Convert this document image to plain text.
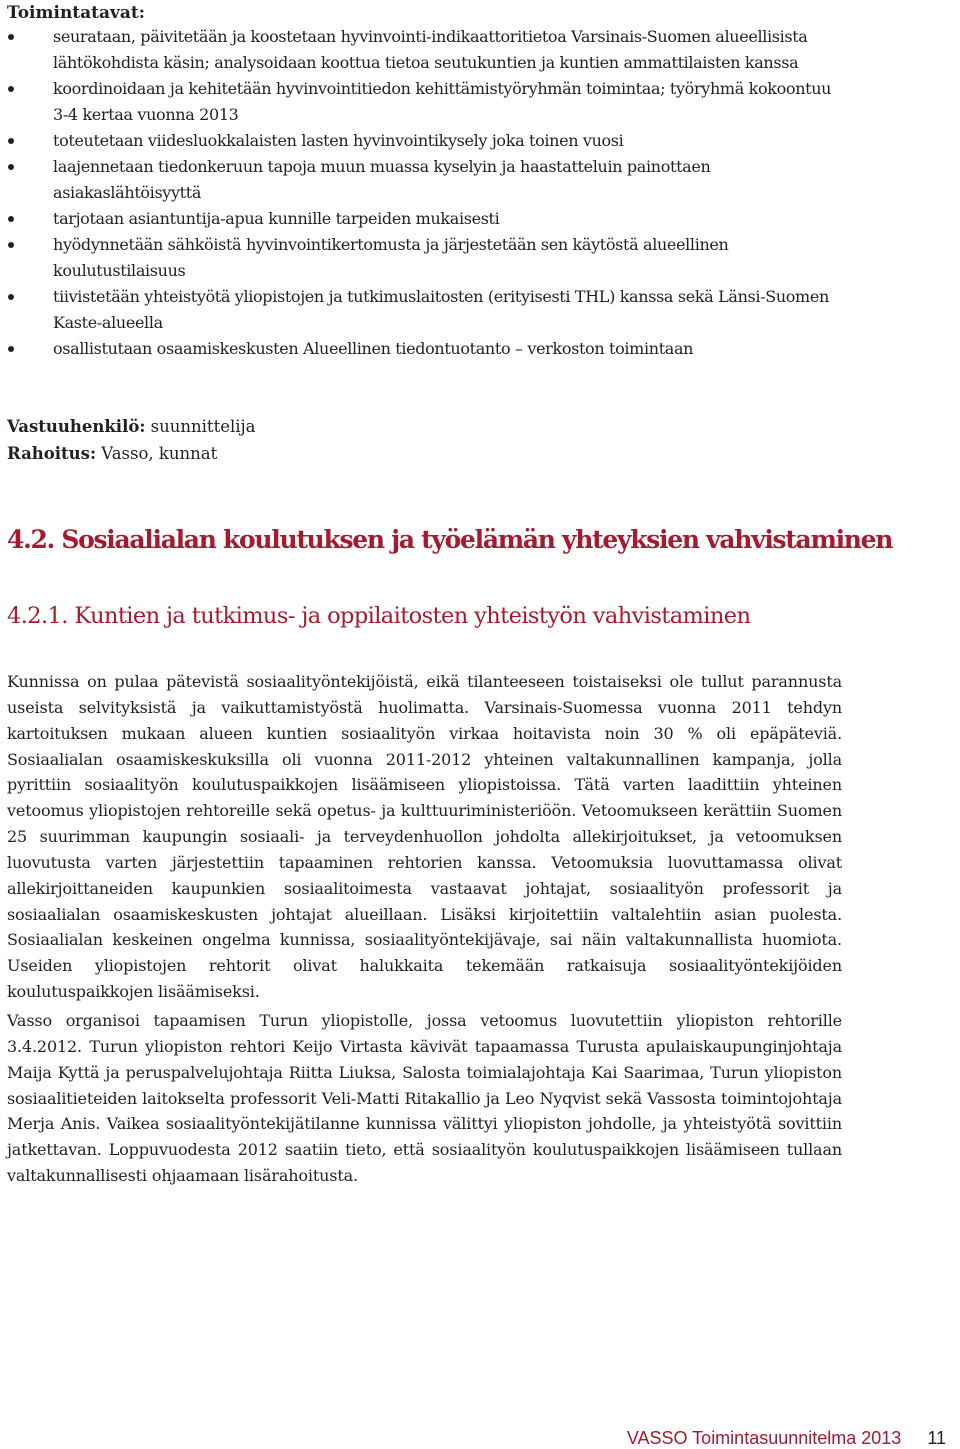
Toimintatavat:
seurataan, päivitetään ja koostetaan hyvinvointi-indikaattoritietoa Varsinais-Suomen alueellisista lähtökohdista käsin; analysoidaan koottua tietoa seutukuntien ja kuntien ammattilaisten kanssa
koordinoidaan ja kehitetään hyvinvointitiedon kehittämistyöryhmän toimintaa; työryhmä kokoontuu 3-4 kertaa vuonna 2013
toteutetaan viidesluokkalaisten lasten hyvinvointikysely joka toinen vuosi
laajennetaan tiedonkeruun tapoja muun muassa kyselyin ja haastatteluin painottaen asiakaslähtöisyyttä
tarjotaan asiantuntija-apua kunnille tarpeiden mukaisesti
hyödynnetään sähköistä hyvinvointikertomusta ja järjestetään sen käytöstä alueellinen koulutustilaisuus
tiivistetään yhteistyötä yliopistojen ja tutkimuslaitosten (erityisesti THL) kanssa sekä Länsi-Suomen Kaste-alueella
osallistutaan osaamiskeskusten Alueellinen tiedontuotanto – verkoston toimintaan
Vastuuhenkilö: suunnittelija
Rahoitus: Vasso, kunnat
4.2. Sosiaalialan koulutuksen ja työelämän yhteyksien vahvistaminen
4.2.1. Kuntien ja tutkimus- ja oppilaitosten yhteistyön vahvistaminen

Kunnissa on pulaa pätevistä sosiaalityöntekijöistä, eikä tilanteeseen toistaiseksi ole tullut parannusta useista selvityksistä ja vaikuttamistyöstä huolimatta. Varsinais-Suomessa vuonna 2011 tehdyn kartoituksen mukaan alueen kuntien sosiaalityön virkaa hoitavista noin 30 % oli epäpäteviä. Sosiaalialan osaamiskeskuksilla oli vuonna 2011-2012 yhteinen valtakunnallinen kampanja, jolla pyrittiin sosiaalityön koulutuspaikkojen lisäämiseen yliopistoissa. Tätä varten laadittiin yhteinen vetoomus yliopistojen rehtoreille sekä opetus- ja kulttuuriministeriöön. Vetoomukseen kerättiin Suomen 25 suurimman kaupungin sosiaali- ja terveydenhuollon johdolta allekirjoitukset, ja vetoomuksen luovutusta varten järjestettiin tapaaminen rehtorien kanssa. Vetoomuksia luovuttamassa olivat allekirjoittaneiden kaupunkien sosiaalitoimesta vastaavat johtajat, sosiaalityön professorit ja sosiaalialan osaamiskeskusten johtajat alueillaan. Lisäksi kirjoitettiin valtalehtiin asian puolesta. Sosiaalialan keskeinen ongelma kunnissa, sosiaalityöntekijävaje, sai näin valtakunnallista huomiota. Useiden yliopistojen rehtorit olivat halukkaita tekemään ratkaisuja sosiaalityöntekijöiden koulutuspaikkojen lisäämiseksi.

Vasso organisoi tapaamisen Turun yliopistolle, jossa vetoomus luovutettiin yliopiston rehtorille 3.4.2012. Turun yliopiston rehtori Keijo Virtasta kävivät tapaamassa Turusta apulaiskaupunginjohtaja Maija Kyttä ja peruspalvelujohtaja Riitta Liuksa, Salosta toimialajohtaja Kai Saarimaa, Turun yliopiston sosiaalitieteiden laitokselta professorit Veli-Matti Ritakallio ja Leo Nyqvist sekä Vassosta toimintojohtaja Merja Anis. Vaikea sosiaalityöntekijätilanne kunnissa välittyi yliopiston johdolle, ja yhteistyötä sovittiin jatkettavan. Loppuvuodesta 2012 saatiin tieto, että sosiaalityön koulutuspaikkojen lisäämiseen tullaan valtakunnallisesti ohjaamaan lisärahoitusta.

VASSO Toimintasuunnitelma 2013 11
